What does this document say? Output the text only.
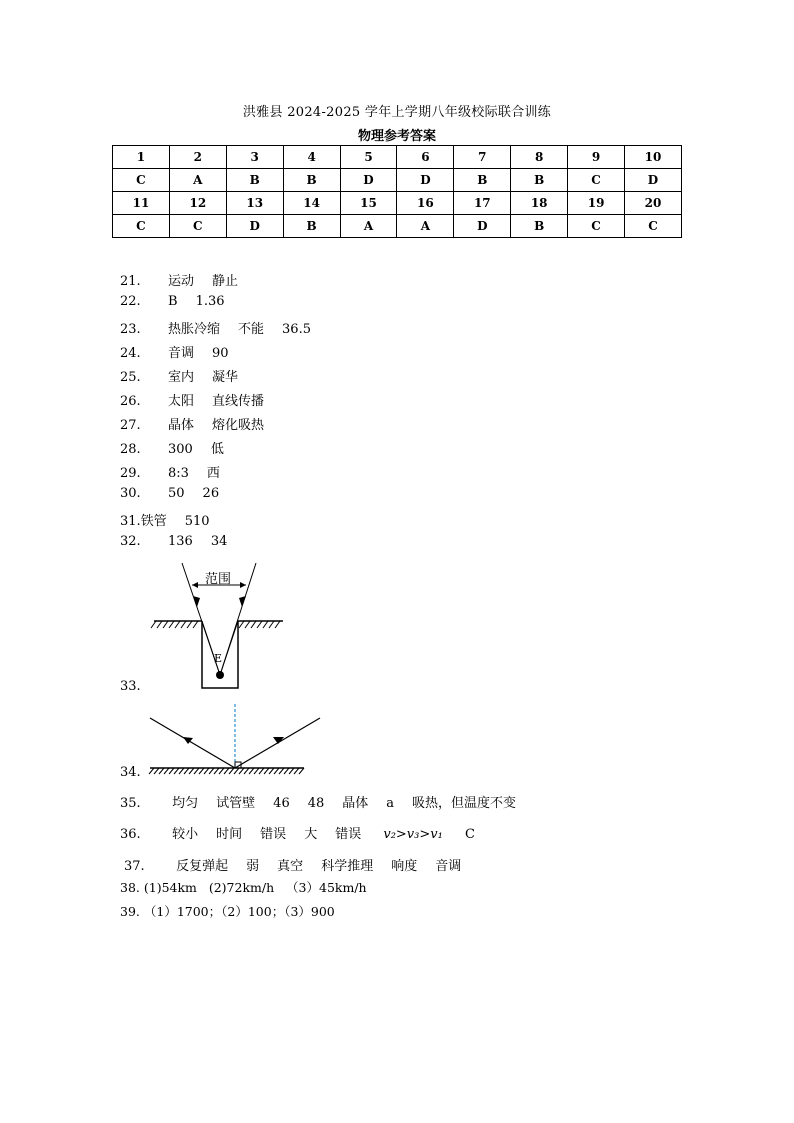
洪雅县 2024-2025 学年上学期八年级校际联合训练
物理参考答案
1	2	3	4	5	6	7	8	9	10
C	A	B	B	D	D	B	B	C	D
11	12	13	14	15	16	17	18	19	20
C	C	D	B	A	A	D	B	C	C
21. 运动 静止
22. B 1.36
23. 热胀冷缩 不能 36.5
24. 音调 90
25. 室内 凝华
26. 太阳 直线传播
27. 晶体 熔化吸热
28. 300 低
29. 8:3 西
30. 50 26
31.铁管 510
32. 136 34
范围
E
33.
34.
35. 均匀 试管壁 46 48 晶体 a 吸热，但温度不变
36. 较小 时间 错误 大 错误 v₂>v₃>v₁ C
37. 反复弹起 弱 真空 科学推理 响度 音调
38. (1)54km   (2)72km/h   （3）45km/h
39. （1）1700；（2）100；（3）900
